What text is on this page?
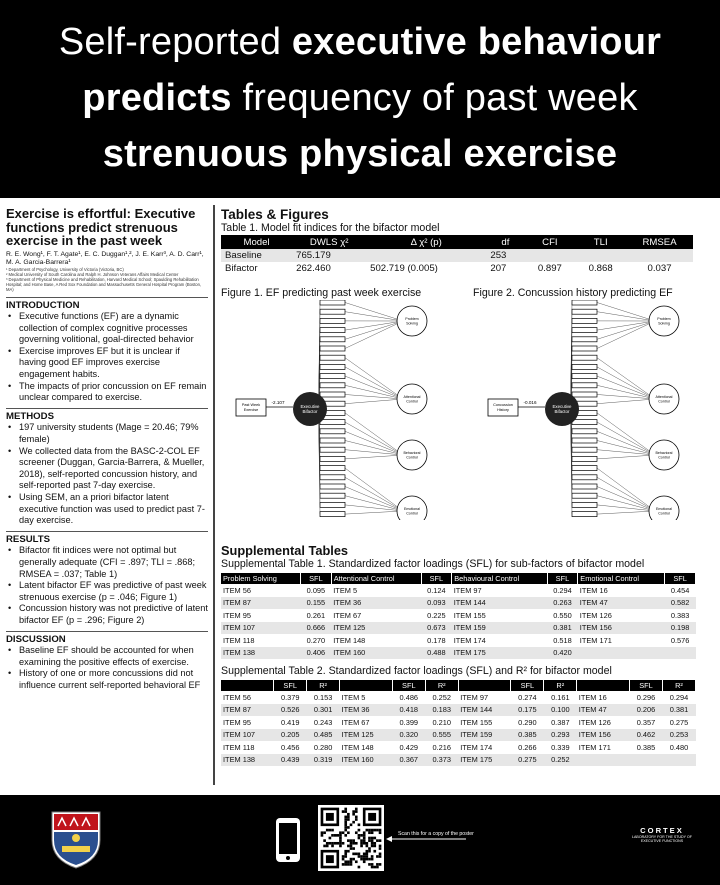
Self-reported executive behaviour
predicts frequency of past week
strenuous physical exercise
Exercise is effortful: Executive functions predict strenuous exercise in the past week
R. E. Wong¹, F. T. Agate¹, E. C. Duggan¹,², J. E. Karr³, A. D. Carr¹, M. A. Garcia-Barrera¹
¹ Department of Psychology, University of Victoria (Victoria, BC)
² Medical University of South Carolina and Ralph H. Johnson Veterans Affairs Medical Center
³ Department of Physical Medicine and Rehabilitation, Harvard Medical School; Spaulding Rehabilitation Hospital; and Home Base, A Red Sox Foundation and Massachusetts General Hospital Program (Boston, MA)
INTRODUCTION
• Executive functions (EF) are a dynamic collection of complex cognitive processes governing volitional, goal-directed behavior
• Exercise improves EF but it is unclear if having good EF improves exercise engagement habits.
• The impacts of prior concussion on EF remain unclear compared to exercise.
METHODS
• 197 university students (Mage = 20.46; 79% female)
• We collected data from the BASC-2-COL EF screener (Duggan, Garcia-Barrera, & Mueller, 2018), self-reported concussion history, and self-reported past 7-day exercise.
• Using SEM, an a priori bifactor latent executive function was used to predict past 7-day exercise.
RESULTS
• Bifactor fit indices were not optimal but generally adequate (CFI = .897; TLI = .868; RMSEA = .037; Table 1)
• Latent bifactor EF was predictive of past week strenuous exercise (p = .046; Figure 1)
• Concussion history was not predictive of latent bifactor EF (p = .296; Figure 2)
DISCUSSION
• Baseline EF should be accounted for when examining the positive effects of exercise.
• History of one or more concussions did not influence current self-reported behavioral EF
Tables & Figures
Table 1. Model fit indices for the bifactor model
Model	DWLS χ²	Δ χ² (p)	df	CFI	TLI	RMSEA
Baseline	765.179		253			
Bifactor	262.460	502.719 (0.005)	207	0.897	0.868	0.037
Figure 1. EF predicting past week exercise	Figure 2. Concussion history predicting EF
Problem
Solving
Attentional
Control
Behavioral
Control
Emotional
Control
Executive
Bifactor
Past Week
Exercise
-2.107
Problem
Solving
Attentional
Control
Behavioral
Control
Emotional
Control
Executive
Bifactor
Concussion
History
-0.016
Supplemental Tables
Supplemental Table 1. Standardized factor loadings (SFL) for sub-factors of bifactor model
Problem Solving	SFL	Attentional Control	SFL	Behavioural Control	SFL	Emotional Control	SFL
ITEM 56	0.095	ITEM 5	0.124	ITEM 97	0.294	ITEM 16	0.454
ITEM 87	0.155	ITEM 36	0.093	ITEM 144	0.263	ITEM 47	0.582
ITEM 95	0.261	ITEM 67	0.225	ITEM 155	0.550	ITEM 126	0.383
ITEM 107	0.666	ITEM 125	0.673	ITEM 159	0.381	ITEM 156	0.198
ITEM 118	0.270	ITEM 148	0.178	ITEM 174	0.518	ITEM 171	0.576
ITEM 138	0.406	ITEM 160	0.488	ITEM 175	0.420		
Supplemental Table 2. Standardized factor loadings (SFL) and R² for bifactor model
	SFL	R²		SFL	R²		SFL	R²		SFL	R²
ITEM 56	0.379	0.153	ITEM 5	0.486	0.252	ITEM 97	0.274	0.161	ITEM 16	0.296	0.294
ITEM 87	0.526	0.301	ITEM 36	0.418	0.183	ITEM 144	0.175	0.100	ITEM 47	0.206	0.381
ITEM 95	0.419	0.243	ITEM 67	0.399	0.210	ITEM 155	0.290	0.387	ITEM 126	0.357	0.275
ITEM 107	0.205	0.485	ITEM 125	0.320	0.555	ITEM 159	0.385	0.293	ITEM 156	0.462	0.253
ITEM 118	0.456	0.280	ITEM 148	0.429	0.216	ITEM 174	0.266	0.339	ITEM 171	0.385	0.480
ITEM 138	0.439	0.319	ITEM 160	0.367	0.373	ITEM 175	0.275	0.252			
Scan this for a copy of the poster	CORTEX
LABORATORY FOR THE STUDY OF EXECUTIVE FUNCTIONS
